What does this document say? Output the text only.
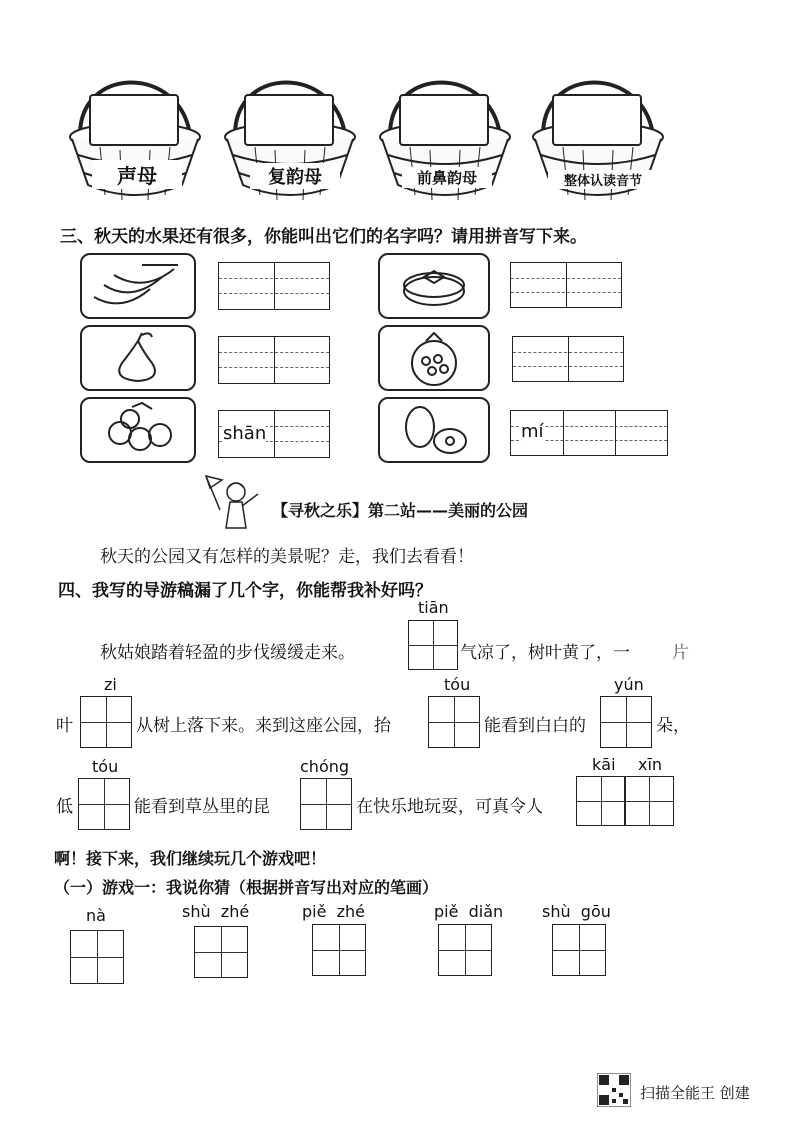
声母	复韵母	前鼻韵母	整体认读音节
三、秋天的水果还有很多，你能叫出它们的名字吗？请用拼音写下来。
shān	mí
【寻秋之乐】第二站——美丽的公园
秋天的公园又有怎样的美景呢？走，我们去看看！
四、我写的导游稿漏了几个字，你能帮我补好吗？
秋姑娘踏着轻盈的步伐缓缓走来。
tiān
气凉了，树叶黄了，一 片
叶
zi
从树上落下来。来到这座公园，抬
tóu
能看到白白的
yún
朵，
低
tóu
能看到草丛里的昆
chóng
在快乐地玩耍，可真令人
kāi xīn
啊！接下来，我们继续玩几个游戏吧！
（一）游戏一：我说你猜（根据拼音写出对应的笔画）
nà	shù  zhé	piě  zhé	piě  diǎn shù  gōu
扫描全能王 创建
